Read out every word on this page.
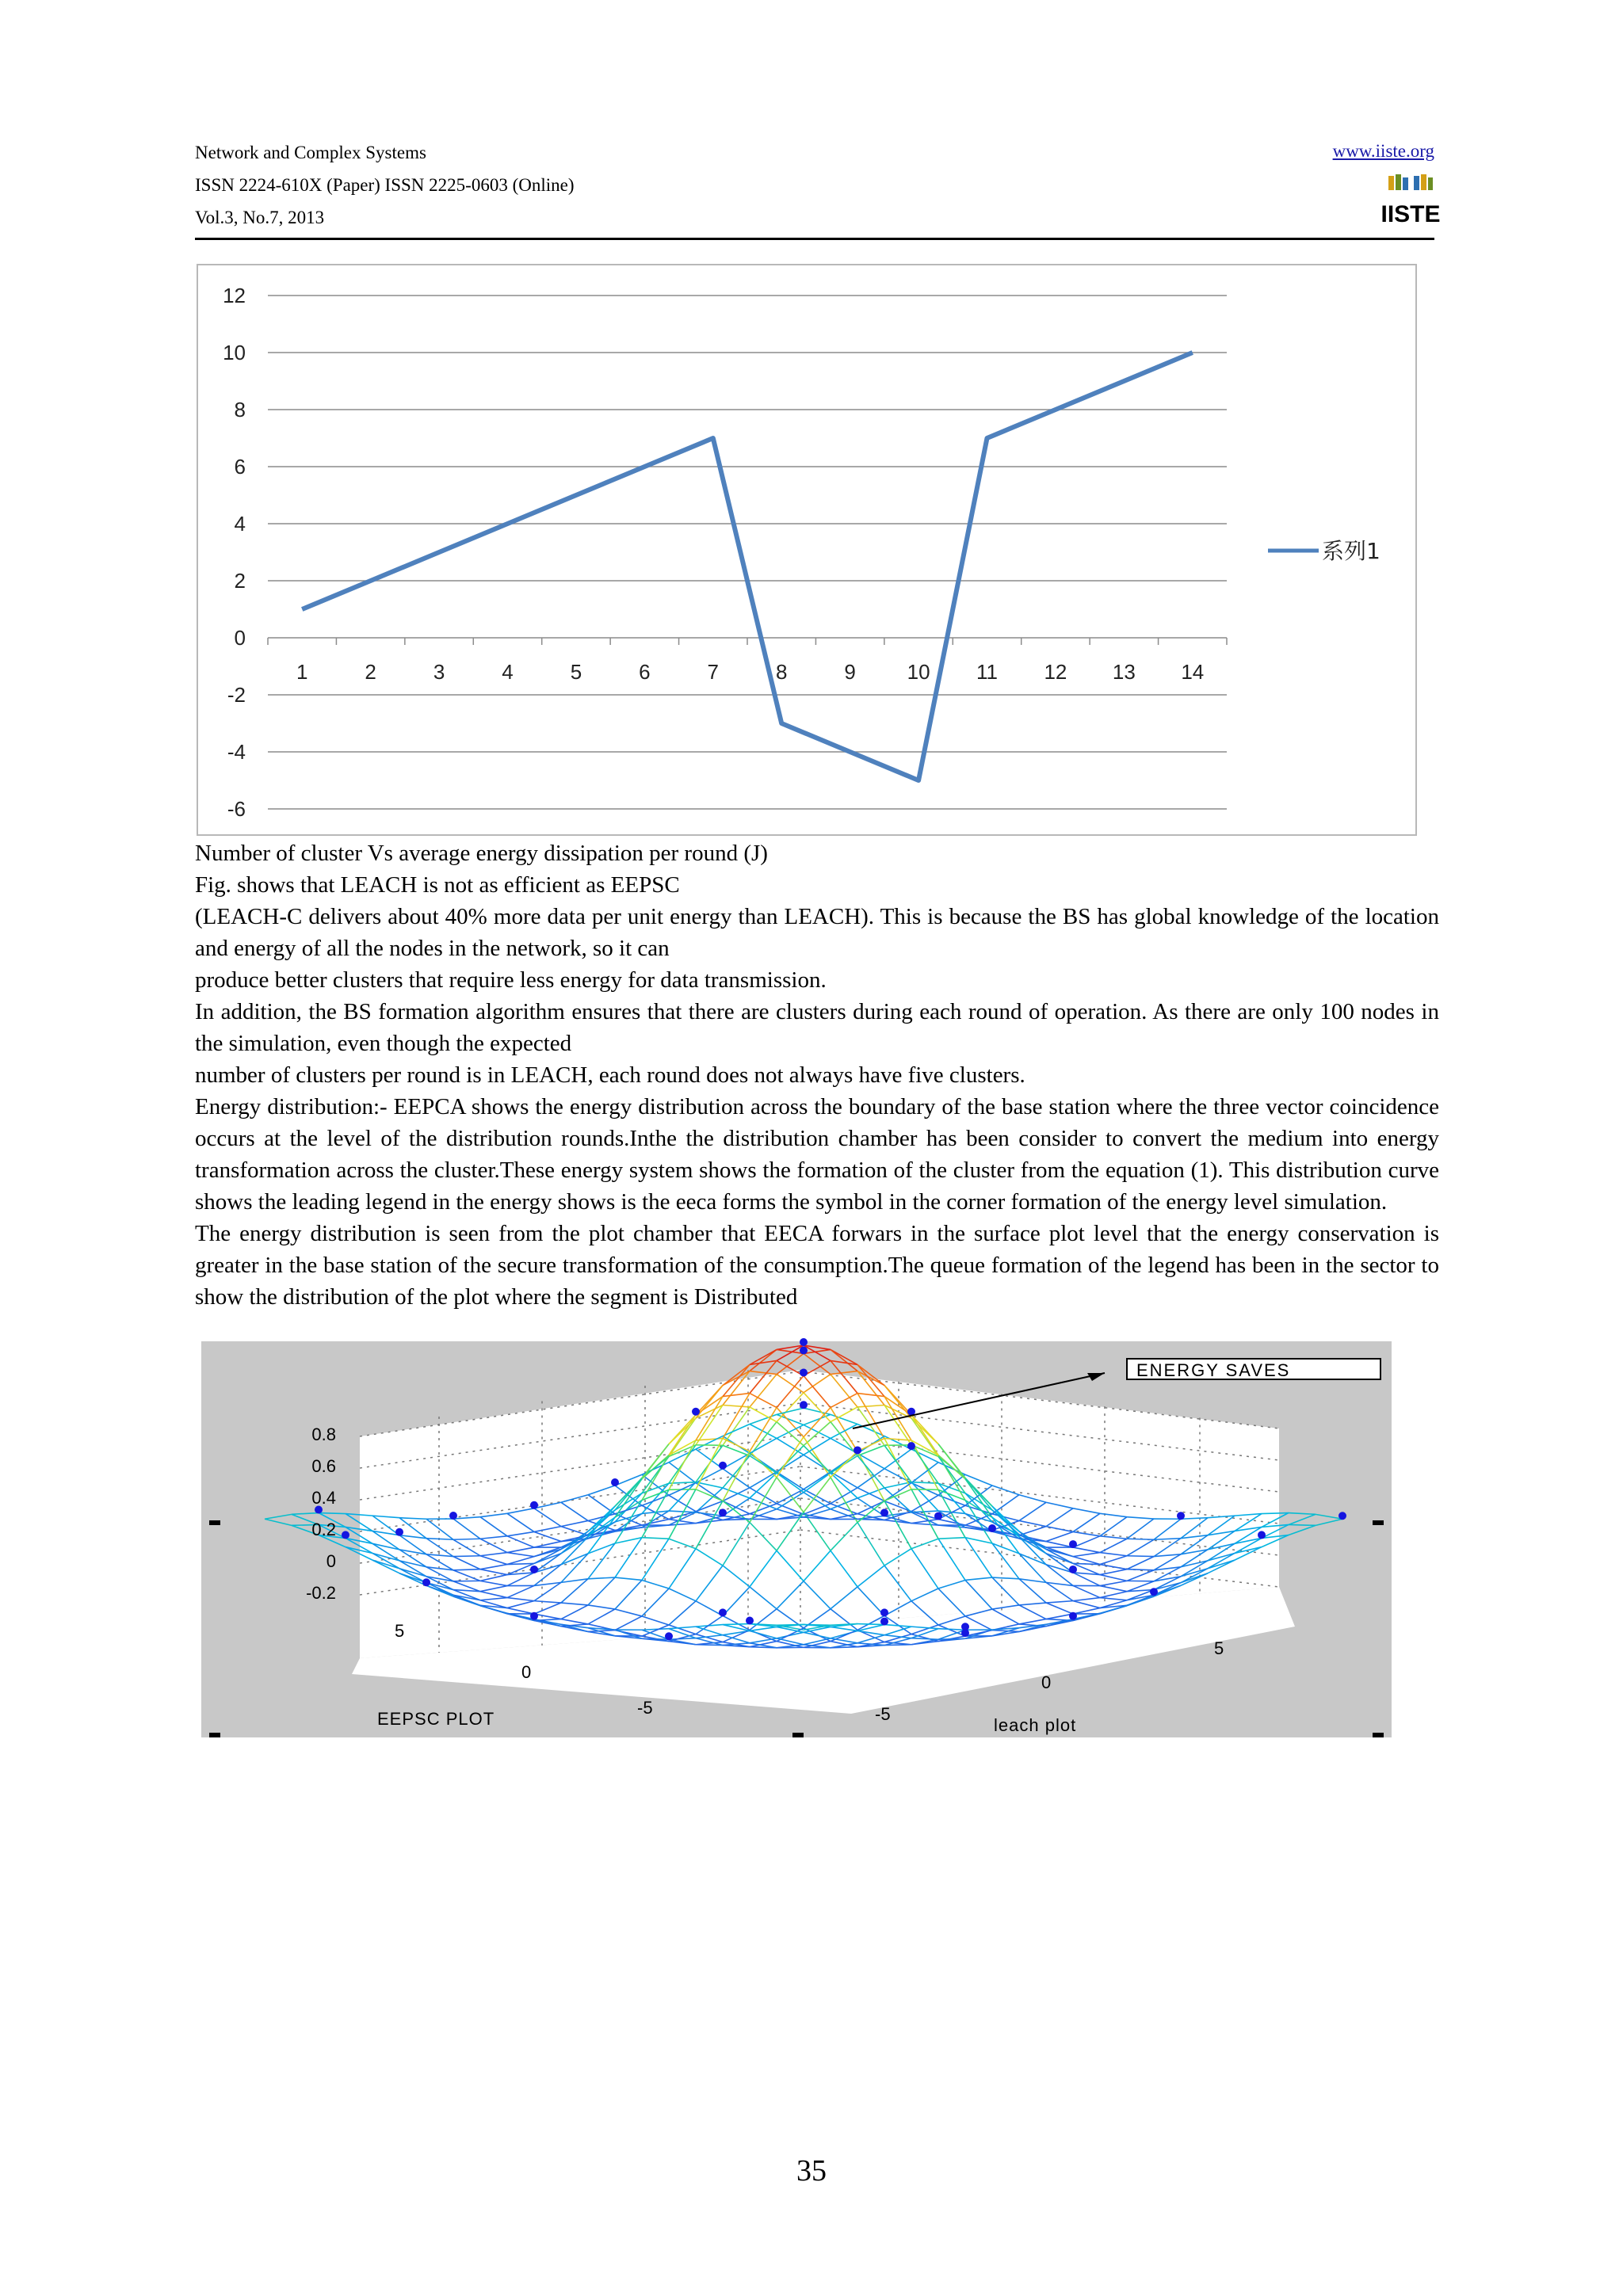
Network and Complex Systems
ISSN 2224-610X (Paper) ISSN 2225-0603 (Online)
Vol.3, No.7, 2013
www.iiste.org
IISTE
12
10
8
6
4
2
0
-2
-4
-6
1	2	3	4	5	6	7	8	9 10 11 12 13 14
系列1

Number of cluster Vs average energy dissipation per round (J)

Fig. shows that LEACH is not as efficient as EEPSC

(LEACH-C delivers about 40% more data per unit energy than LEACH). This is because the BS has global knowledge of the location and energy of all the nodes in the network, so it can

produce better clusters that require less energy for data transmission.

In addition, the BS formation algorithm ensures that there are clusters during each round of operation. As there are only 100 nodes in the simulation, even though the expected

number of clusters per round is in LEACH, each round does not always have five clusters.

Energy distribution:- EEPCA shows the energy distribution across the boundary of the base station where the three vector coincidence occurs at the level of the distribution rounds.Inthe the distribution chamber has been consider to convert the medium into energy transformation across the cluster.These energy system shows the formation of the cluster from the equation (1). This distribution curve shows the leading legend in the energy shows is the eeca forms the symbol in the corner formation of the energy level simulation.

The energy distribution is seen from the plot chamber that EECA forwars in the surface plot level that the energy conservation is greater in the base station of the secure transformation of the consumption.The queue formation of the legend has been in the sector to show the distribution of the plot where the segment is Distributed

ENERGY SAVES
0.8
0.6
0.4
0.2
0
-0.2
5
0
-5
EEPSC PLOT	-5
0
5
leach plot
35
